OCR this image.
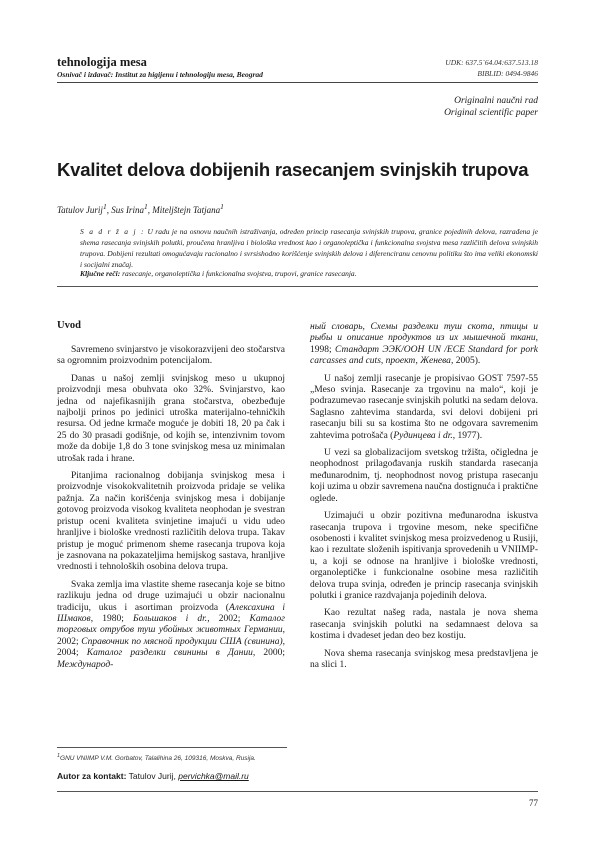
tehnologija mesa
Osnivač i izdavač: Institut za higijenu i tehnologiju mesa, Beograd
UDK: 637.5´64.04:637.513.18
BIBLID: 0494-9846
Originalni naučni rad
Original scientific paper
Kvalitet delova dobijenih rasecanjem svinjskih trupova
Tatulov Jurij$^1$, Sus Irina$^1$, Miteljštejn Tatjana$^1$
S a d r ž a j : U radu je na osnovu naučnih istraživanja, određen princip rasecanja svinjskih trupova, granice pojedinih delova, razrađena je shema rasecanja svinjskih polutki, proučena hranljiva i biološka vrednost kao i organoleptička i funkcionalna svojstva mesa različitih delova svinjskih trupova. Dobijeni rezultati omogućavaju racionalno i svrsishodno korišćenje svinjskih delova i diferenciranu cenovnu politiku što ima veliki ekonomski i socijalni značaj.
Ključne reči: rasecanje, organoleptička i funkcionalna svojstva, trupovi, granice rasecanja.
Uvod

Savremeno svinjarstvo je visokorazvijeni deo stočarstva sa ogromnim proizvodnim potencijalom.

Danas u našoj zemlji svinjskog meso u ukupnoj proizvodnji mesa obuhvata oko 32%. Svinjarstvo, kao jedna od najefikasnijih grana stočarstva, obezbeđuje najbolji prinos po jedinici utroška materijalno-tehničkih resursa. Od jedne krmače moguće je dobiti 18, 20 pa čak i 25 do 30 prasadi godišnje, od kojih se, intenzivnim tovom može da dobije 1,8 do 3 tone svinjskog mesa uz minimalan utrošak rada i hrane.

Pitanjima racionalnog dobijanja svinjskog mesa i proizvodnje visokokvalitetnih proizvoda pridaje se velika pažnja. Za način korišćenja svinjskog mesa i dobijanje gotovog proizvoda visokog kvaliteta neophodan je svestran pristup oceni kvaliteta svinjetine imajući u vidu udeo hranljive i biološke vrednosti različitih delova trupa. Takav pristup je moguć primenom sheme rasecanja trupova koja je zasnovana na pokazateljima hemijskog sastava, hranljive vrednosti i tehnoloških osobina delova trupa.

Svaka zemlja ima vlastite sheme rasecanja koje se bitno razlikuju jedna od druge uzimajući u obzir nacionalnu tradiciju, ukus i asortiman proizvoda (Алексахина і Шмаков, 1980; Большаков і dr., 2002; Каталог торговых отрубов туш убойных животных Германии, 2002; Справочник по мясной продукции США (свинина), 2004; Каталог разделки свинины в Дании, 2000; Международ-

ный словарь, Схемы разделки туш скота, птицы и рыбы и описание продуктов из их мышечной ткани, 1998; Стандарт ЭЭК/ООН UN /ECE Standard for pork carcasses and cuts, проект, Женева, 2005).

U našoj zemlji rasecanje je propisivao GOST 7597-55 „Meso svinja. Rasecanje za trgovinu na malo“, koji je podrazumevao rasecanje svinjskih polutki na sedam delova. Saglasno zahtevima standarda, svi delovi dobijeni pri rasecanju bili su sa kostima što ne odgovara savremenim zahtevima potrošača (Рудинцева і dr., 1977).

U vezi sa globalizacijom svetskog tržišta, očigledna je neophodnost prilagođavanja ruskih standarda rasecanja međunarodnim, tj. neophodnost novog pristupa rasecanju koji uzima u obzir savremena naučna dostignuća i praktične oglede.

Uzimajući u obzir pozitivna međunarodna iskustva rasecanja trupova i trgovine mesom, neke specifične osobenosti i kvalitet svinjskog mesa proizvedenog u Rusiji, kao i rezultate složenih ispitivanja sprovedenih u VNIIMP-u, a koji se odnose na hranljive i biološke vrednosti, organoleptičke i funkcionalne osobine mesa različitih delova trupa svinja, određen je princip rasecanja svinjskih polutki i granice razdvajanja pojedinih delova.

Kao rezultat našeg rada, nastala je nova shema rasecanja svinjskih polutki na sedamnaest delova sa kostima i dvadeset jedan deo bez kostiju.

Nova shema rasecanja svinjskog mesa predstavljena je na slici 1.

$^1$GNU VNIIMP V.M. Gorbatov, Talalihina 26, 109316, Moskva, Rusija.
Autor za kontakt: Tatulov Jurij, pervichka@mail.ru
77
